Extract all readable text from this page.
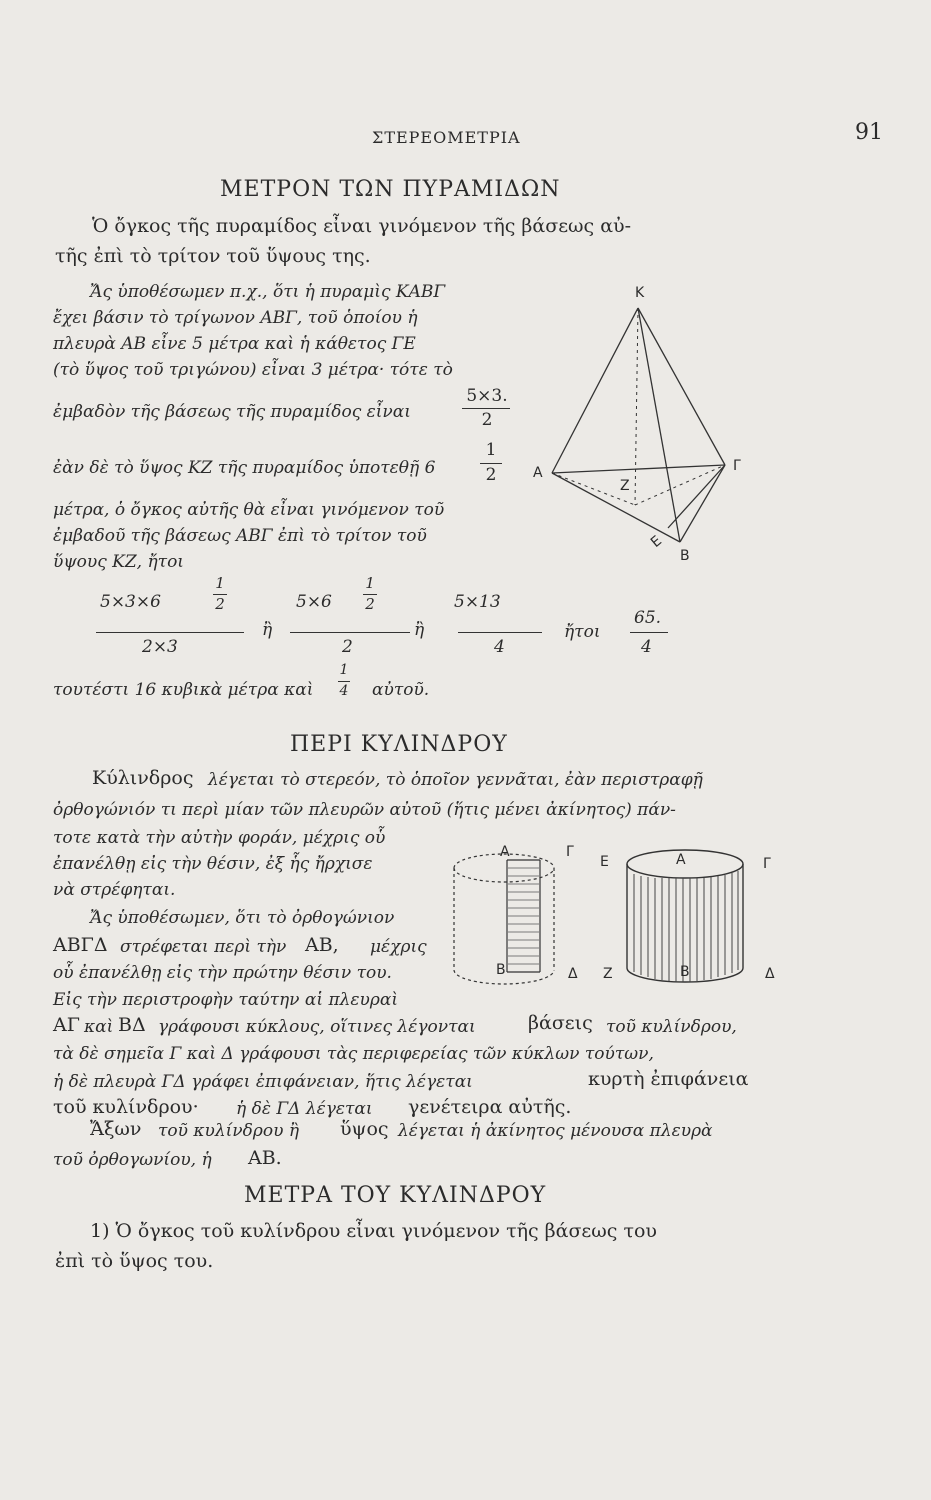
ΣΤΕΡΕΟΜΕΤΡΙΑ	91
ΜΕΤΡΟΝ ΤΩΝ ΠΥΡΑΜΙΔΩΝ
Ὁ ὄγκος τῆς πυραμίδος εἶναι γινόμενον τῆς βάσεως αὐ-
τῆς ἐπὶ τὸ τρίτον τοῦ ὕψους της.
Ἄς ὑποθέσωμεν π.χ., ὅτι ἡ πυραμὶς ΚΑΒΓ
ἔχει βάσιν τὸ τρίγωνον ΑΒΓ, τοῦ ὁποίου ἡ
πλευρὰ ΑΒ εἶνε 5 μέτρα καὶ ἡ κάθετος ΓΕ
(τὸ ὕψος τοῦ τριγώνου) εἶναι 3 μέτρα· τότε τὸ
ἐμβαδὸν τῆς βάσεως τῆς πυραμίδος εἶναι
5×3.
2
ἐὰν δὲ τὸ ὕψος ΚΖ τῆς πυραμίδος ὑποτεθῇ 6
1
2
μέτρα, ὁ ὄγκος αὐτῆς θὰ εἶναι γινόμενον τοῦ
ἐμβαδοῦ τῆς βάσεως ΑΒΓ ἐπὶ τὸ τρίτον τοῦ
ὕψους ΚΖ, ἤτοι
1
2
5×3×6
2×3
ἢ
1
2
5×6
2
ἢ
5×13
4
ἤτοι
65.
4
τουτέστι 16 κυβικὰ μέτρα καὶ
1
4 αὐτοῦ.
Κ
Α	Γ
Ζ
Ε
Β
ΠΕΡΙ ΚΥΛΙΝΔΡΟΥ
Κύλινδρος λέγεται τὸ στερεόν, τὸ ὁποῖον γεννᾶται, ἐὰν περιστραφῇ
ὀρθογώνιόν τι περὶ μίαν τῶν πλευρῶν αὐτοῦ (ἥτις μένει ἀκίνητος) πάν-
τοτε κατὰ τὴν αὐτὴν φοράν, μέχρις οὗ
ἐπανέλθῃ εἰς τὴν θέσιν, ἐξ ἧς ἤρχισε
νὰ στρέφηται.
Ἄς ὑποθέσωμεν, ὅτι τὸ ὀρθογώνιον
ΑΒΓΔ στρέφεται περὶ τὴν ΑΒ, μέχρις
οὗ ἐπανέλθῃ εἰς τὴν πρώτην θέσιν του.
Εἰς τὴν περιστροφὴν ταύτην αἱ πλευραὶ
ΑΓ καὶ ΒΔ γράφουσι κύκλους, οἵτινες λέγονται	βάσεις τοῦ κυλίνδρου,
τὰ δὲ σημεῖα Γ καὶ Δ γράφουσι τὰς περιφερείας τῶν κύκλων τούτων,
ἡ δὲ πλευρὰ ΓΔ γράφει ἐπιφάνειαν, ἥτις λέγεται	κυρτὴ ἐπιφάνεια
τοῦ κυλίνδρου· ἡ δὲ ΓΔ λέγεται γενέτειρα αὐτῆς.
Ἄξων τοῦ κυλίνδρου ἢ ὕψος λέγεται ἡ ἀκίνητος μένουσα πλευρὰ
τοῦ ὀρθογωνίου, ἡ ΑΒ.
Α	Γ
Β	Δ
Ε	Α	Γ
Ζ	Β	Δ
ΜΕΤΡΑ ΤΟΥ ΚΥΛΙΝΔΡΟΥ
1) Ὁ ὄγκος τοῦ κυλίνδρου εἶναι γινόμενον τῆς βάσεως του
ἐπὶ τὸ ὕψος του.
